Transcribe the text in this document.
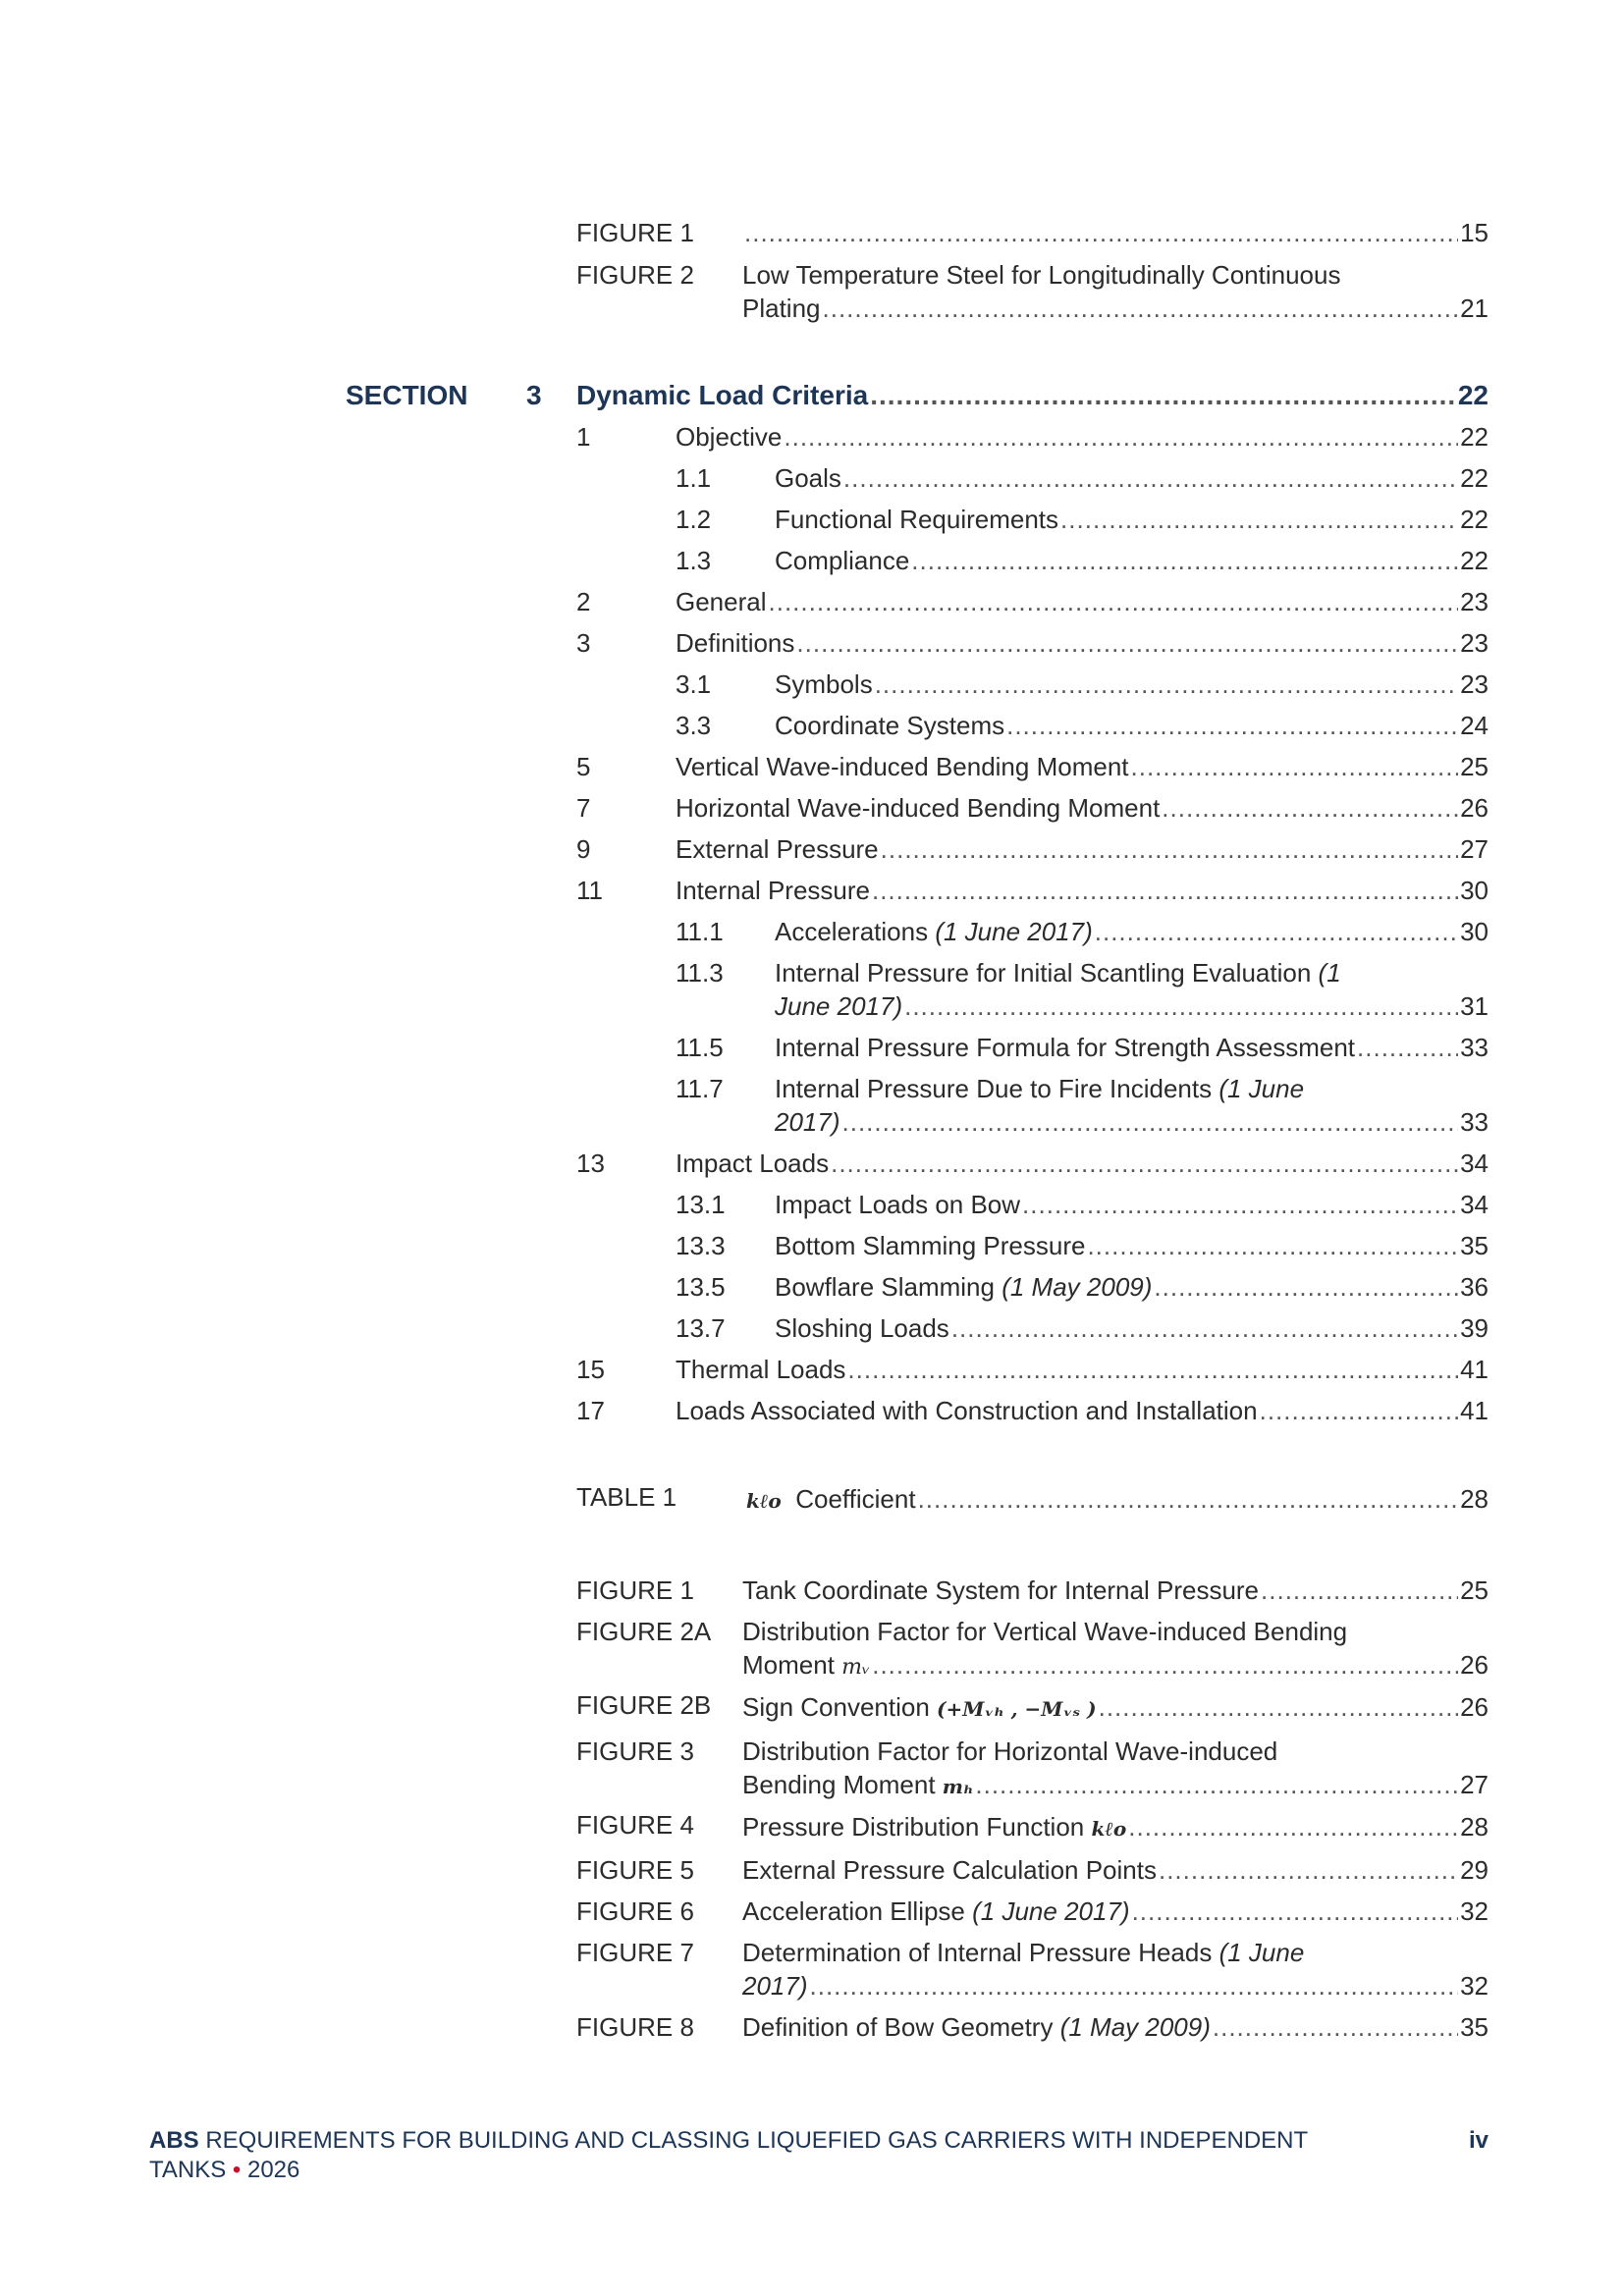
FIGURE 1 .....	15
FIGURE 2 Low Temperature Steel for Longitudinally Continuous
Plating .....	21
SECTION 3 Dynamic Load Criteria .....	22
1	Objective .....	22
1.1 Goals .....	22
1.2 Functional Requirements .....	22
1.3 Compliance .....	22
2	General .....	23
3	Definitions .....	23
3.1 Symbols .....	23
3.3 Coordinate Systems .....	24
5	Vertical Wave-induced Bending Moment .....	25
7	Horizontal Wave-induced Bending Moment .....	26
9	External Pressure .....	27
11	Internal Pressure .....	30
11.1 Accelerations
(1 June 2017) .....	30
11.3 Internal Pressure for Initial Scantling Evaluation (1
June 2017) .....	31
11.5 Internal Pressure Formula for Strength Assessment .....	33
11.7 Internal Pressure Due to Fire Incidents (1 June
2017) .....	33
13	Impact Loads .....	34
13.1 Impact Loads on Bow .....	34
13.3 Bottom Slamming Pressure .....	35
13.5 Bowflare Slamming
(1 May 2009) .....	36
13.7 Sloshing Loads .....	39
15	Thermal Loads .....	41
17	Loads Associated with Construction and Installation .....	41
TABLE 1	kℓo
Coefficient .....	28
FIGURE 1 Tank Coordinate System for Internal Pressure .....	25
FIGURE 2A Distribution Factor for Vertical Wave-induced Bending
Moment
mᵥ .....	26
FIGURE 2B Sign Convention
(+Mᵥₕ , −Mᵥₛ ) .....	26
FIGURE 3 Distribution Factor for Horizontal Wave-induced
Bending Moment
mₕ .....	27
FIGURE 4 Pressure Distribution Function
kℓo .....	28
FIGURE 5 External Pressure Calculation Points .....	29
FIGURE 6 Acceleration Ellipse
(1 June 2017) .....	32
FIGURE 7 Determination of Internal Pressure Heads (1 June
2017) .....	32
FIGURE 8 Definition of Bow Geometry
(1 May 2009) .....	35
ABS REQUIREMENTS FOR BUILDING AND CLASSING LIQUEFIED GAS CARRIERS WITH INDEPENDENT
TANKS • 2026
iv
